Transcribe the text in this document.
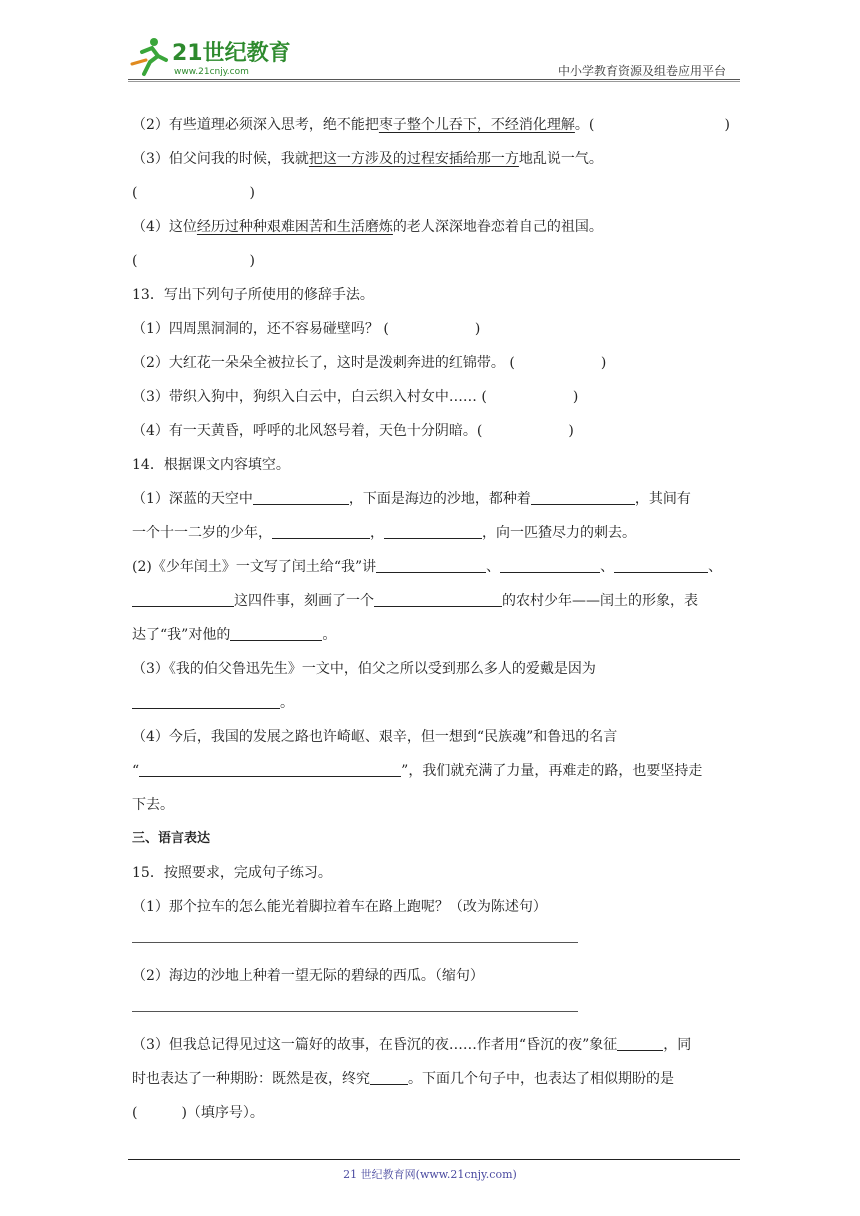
21世纪教育
www.21cnjy.com	中小学教育资源及组卷应用平台
（2）有些道理必须深入思考，绝不能把枣子整个儿吞下，不经消化理解。(	)
（3）伯父问我的时候，我就把这一方涉及的过程安插给那一方地乱说一气。
(	)
（4）这位经历过种种艰难困苦和生活磨炼的老人深深地眷恋着自己的祖国。
(	)
13．写出下列句子所使用的修辞手法。
（1）四周黑洞洞的，还不容易碰壁吗？ (	)
（2）大红花一朵朵全被拉长了，这时是泼刺奔进的红锦带。 (	)
（3）带织入狗中，狗织入白云中，白云织入村女中…… (	)
（4）有一天黄昏，呼呼的北风怒号着，天色十分阴暗。(	)
14．根据课文内容填空。
（1）深蓝的天空中	，下面是海边的沙地，都种着	，其间有
一个十一二岁的少年，	，	，向一匹猹尽力的刺去。
(2)《少年闰土》一文写了闰土给“我”讲	、	、	、
这四件事，刻画了一个	的农村少年——闰土的形象，表
达了“我”对他的	。
（3）《我的伯父鲁迅先生》一文中，伯父之所以受到那么多人的爱戴是因为
。
（4）今后，我国的发展之路也许崎岖、艰辛，但一想到“民族魂”和鲁迅的名言
“	”，我们就充满了力量，再难走的路，也要坚持走
下去。
三、语言表达
15．按照要求，完成句子练习。
（1）那个拉车的怎么能光着脚拉着车在路上跑呢？（改为陈述句）
（2）海边的沙地上种着一望无际的碧绿的西瓜。（缩句）
（3）但我总记得见过这一篇好的故事，在昏沉的夜……作者用“昏沉的夜”象征	，同
时也表达了一种期盼：既然是夜，终究	。下面几个句子中，也表达了相似期盼的是
(	)（填序号）。
21 世纪教育网(www.21cnjy.com)
